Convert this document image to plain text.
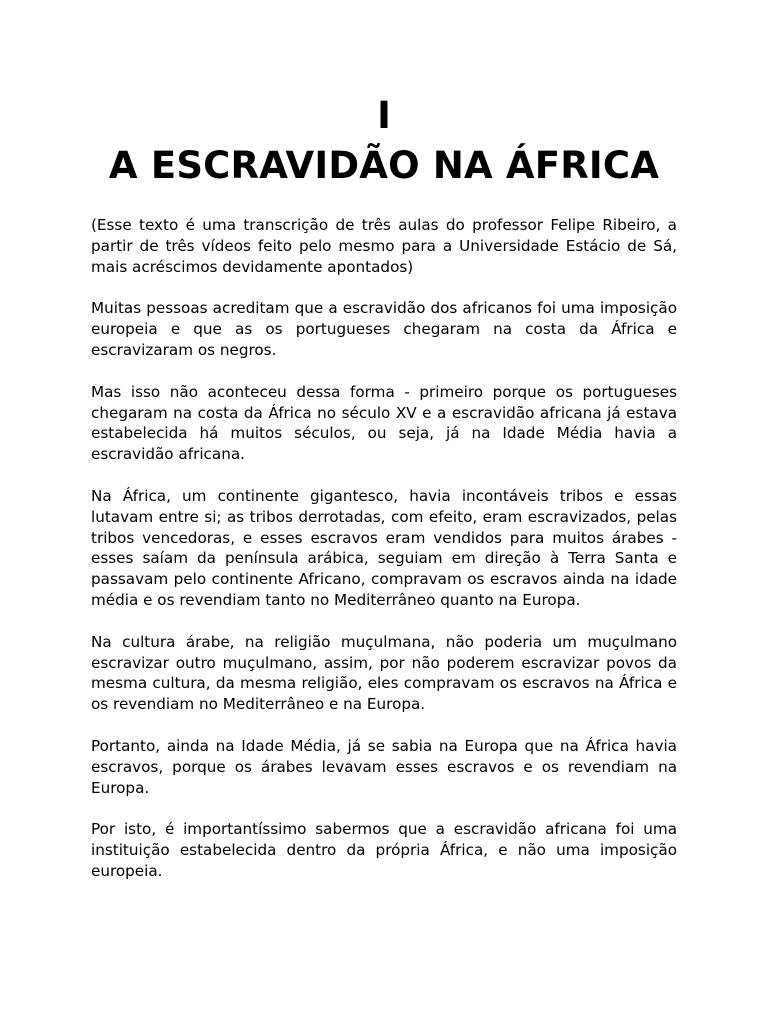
I
A ESCRAVIDÃO NA ÁFRICA

(Esse texto é uma transcrição de três aulas do professor Felipe Ribeiro, a partir de três vídeos feito pelo mesmo para a Universidade Estácio de Sá, mais acréscimos devidamente apontados)

Muitas pessoas acreditam que a escravidão dos africanos foi uma imposição europeia e que as os portugueses chegaram na costa da África e escravizaram os negros.

Mas isso não aconteceu dessa forma - primeiro porque os portugueses chegaram na costa da África no século XV e a escravidão africana já estava estabelecida há muitos séculos, ou seja, já na Idade Média havia a escravidão africana.

Na África, um continente gigantesco, havia incontáveis tribos e essas lutavam entre si; as tribos derrotadas, com efeito, eram escravizados, pelas tribos vencedoras, e esses escravos eram vendidos para muitos árabes - esses saíam da península arábica, seguiam em direção à Terra Santa e passavam pelo continente Africano, compravam os escravos ainda na idade média e os revendiam tanto no Mediterrâneo quanto na Europa.

Na cultura árabe, na religião muçulmana, não poderia um muçulmano escravizar outro muçulmano, assim, por não poderem escravizar povos da mesma cultura, da mesma religião, eles compravam os escravos na África e os revendiam no Mediterrâneo e na Europa.

Portanto, ainda na Idade Média, já se sabia na Europa que na África havia escravos, porque os árabes levavam esses escravos e os revendiam na Europa.

Por isto, é importantíssimo sabermos que a escravidão africana foi uma instituição estabelecida dentro da própria África, e não uma imposição europeia.
